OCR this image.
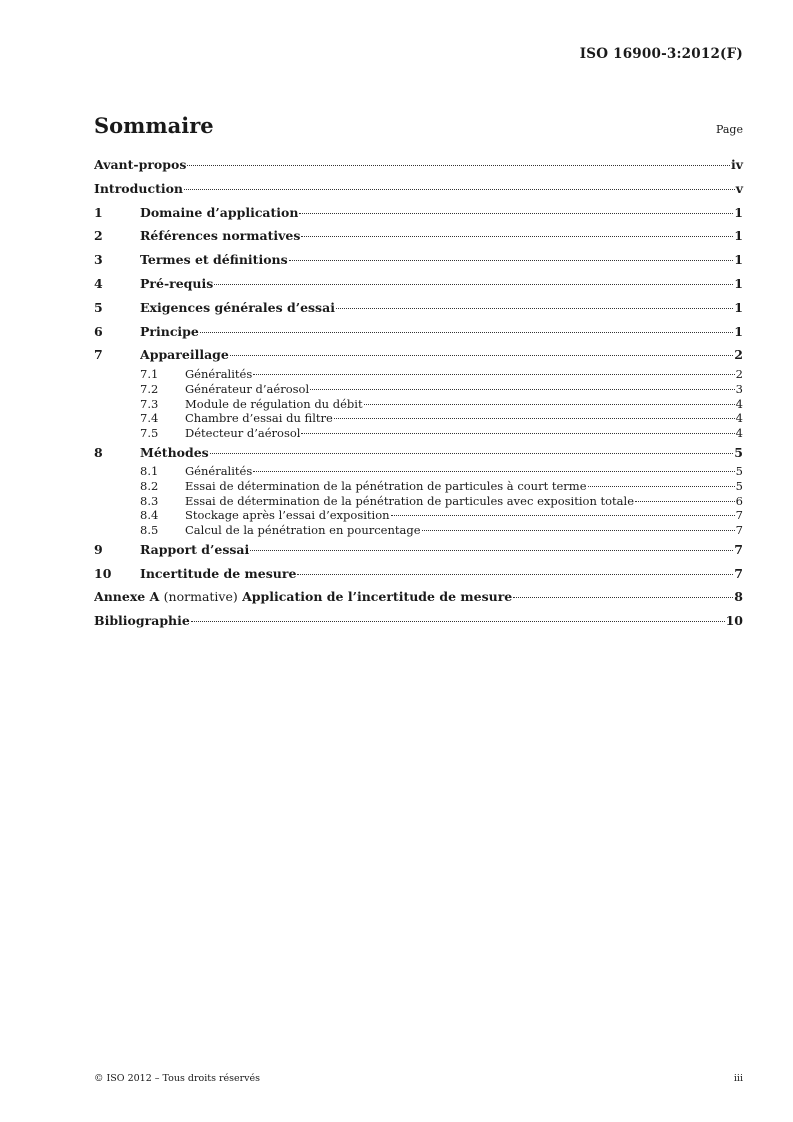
ISO 16900-3:2012(F)
Sommaire	Page
Avant-propos	iv
Introduction	v
1	Domaine d’application	1
2	Références normatives	1
3	Termes et définitions	1
4	Pré-requis	1
5	Exigences générales d’essai	1
6	Principe	1
7	Appareillage	2
7.1	Généralités	2
7.2	Générateur d’aérosol	3
7.3	Module de régulation du débit	4
7.4	Chambre d’essai du filtre	4
7.5	Détecteur d’aérosol	4
8	Méthodes	5
8.1	Généralités	5
8.2	Essai de détermination de la pénétration de particules à court terme	5
8.3	Essai de détermination de la pénétration de particules avec exposition totale	6
8.4	Stockage après l’essai d’exposition	7
8.5	Calcul de la pénétration en pourcentage	7
9	Rapport d’essai	7
10	Incertitude de mesure	7
Annexe A (normative) Application de l’incertitude de mesure	8
Bibliographie	10
© ISO 2012 – Tous droits réservés	iii
